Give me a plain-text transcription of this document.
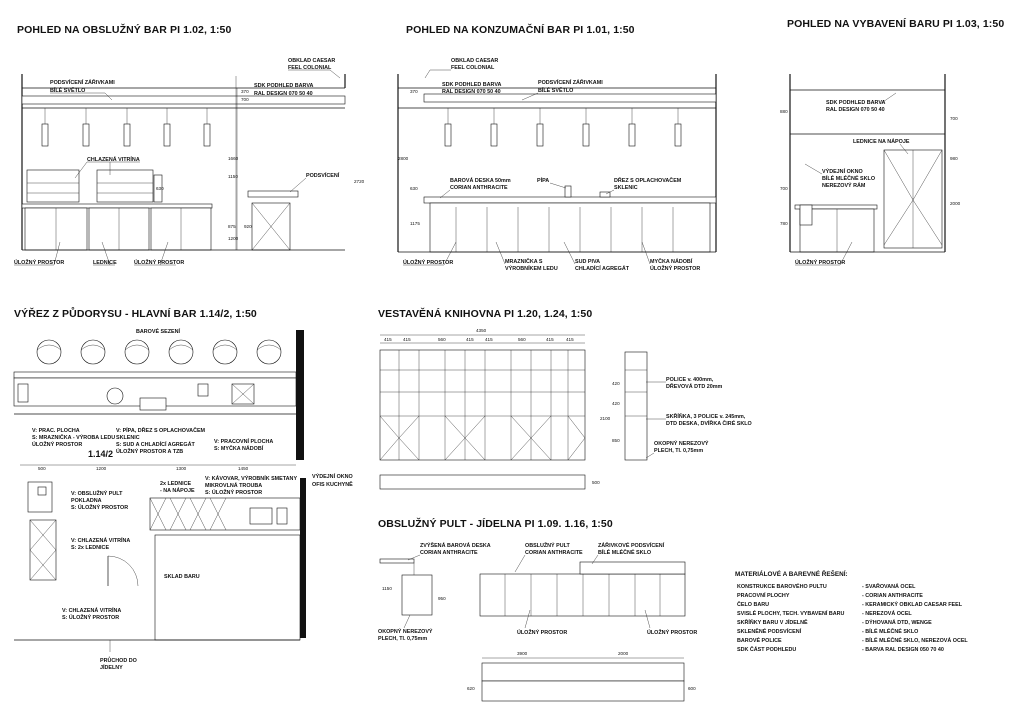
POHLED NA OBSLUŽNÝ BAR PI 1.02, 1:50	POHLED NA KONZUMAČNÍ BAR PI 1.01, 1:50	POHLED NA VYBAVENÍ BARU PI 1.03, 1:50
VÝŘEZ Z PŮDORYSU - HLAVNÍ BAR 1.14/2, 1:50	VESTAVĚNÁ KNIHOVNA PI 1.20, 1.24, 1:50
OBSLUŽNÝ PULT - JÍDELNA PI 1.09. 1.16, 1:50
370
700
1660
1150
630
2720
875 920
1200
OBKLAD CAESAR
FEEL COLONIAL
PODSVÍCENÍ ZÁŘIVKAMI
BÍLÉ SVĚTLO
SDK PODHLED BARVA
RAL DESIGN 070 50 40
CHLAZENÁ VITRÍNA
PODSVÍCENÍ
ÚLOŽNÝ PROSTOR	LEDNICE	ÚLOŽNÝ PROSTOR
370
2800
630
1175
OBKLAD CAESAR
FEEL COLONIAL
SDK PODHLED BARVA
RAL DESIGN 070 50 40
PODSVÍCENÍ ZÁŘIVKAMI
BÍLÉ SVĚTLO
BAROVÁ DESKA 50mm
CORIAN ANTHRACITE
PÍPA	DŘEZ S OPLACHOVAČEM
SKLENIC
ÚLOŽNÝ PROSTOR	MRAZNIČKA S
VÝROBNÍKEM LEDU
SUD PIVA
CHLADÍCÍ AGREGÁT
MYČKA NÁDOBÍ
ÚLOŽNÝ PROSTOR
880
700
980
2000
700
780
SDK PODHLED BARVA
RAL DESIGN 070 50 40
LEDNICE NA NÁPOJE
VÝDEJNÍ OKNO
BÍLÉ MLÉČNÉ SKLO
NEREZOVÝ RÁM
ÚLOŽNÝ PROSTOR
BAROVÉ SEZENÍ
V: PRAC. PLOCHA
S: MRAZNIČKA - VÝROBA LEDU
ÚLOŽNÝ PROSTOR
V: PÍPA, DŘEZ S OPLACHOVAČEM
SKLENIC
S: SUD A CHLADÍCÍ AGREGÁT
ÚLOŽNÝ PROSTOR A TZB
V: PRACOVNÍ PLOCHA
S: MYČKA NÁDOBÍ
1.14/2
500	1200	1300	1450
VÝDEJNÍ OKNO
OFIS KUCHYNĚ
2x LEDNICE
- NA NÁPOJE
V: KÁVOVAR, VÝROBNÍK SMETANY
MIKROVLNÁ TROUBA
S: ÚLOŽNÝ PROSTOR
V: OBSLUŽNÝ PULT
POKLADNA
S: ÚLOŽNÝ PROSTOR
V: CHLAZENÁ VITRÍNA
S: 2x LEDNICE
SKLAD BARU
V: CHLAZENÁ VITRÍNA
S: ÚLOŽNÝ PROSTOR
PRŮCHOD DO
JÍDELNY
4350
415 415	560	415 415	560	415	415
420
420
2100
850
500
POLICE v. 400mm,
DŘEVOVÁ DTD 20mm
SKŘÍŇKA, 3 POLICE v. 245mm,
DTD DESKA, DVÍŘKA ČIRÉ SKLO
OKOPNÝ NEREZOVÝ
PLECH, Tl. 0,75mm
1150
950
ZVÝŠENÁ BAROVÁ DESKA
CORIAN ANTHRACITE
OBSLUŽNÝ PULT
CORIAN ANTHRACITE
ZÁŘIVKOVÉ PODSVÍCENÍ
BÍLÉ MLÉČNÉ SKLO
OKOPNÝ NEREZOVÝ
PLECH, Tl. 0,75mm
ÚLOŽNÝ PROSTOR	ÚLOŽNÝ PROSTOR
3900	2000
620	600
MATERIÁLOVÉ A BAREVNÉ ŘEŠENÍ:
KONSTRUKCE BAROVÉHO PULTU	- SVAŘOVANÁ OCEL
PRACOVNÍ PLOCHY	- CORIAN ANTHRACITE
ČELO BARU	- KERAMICKÝ OBKLAD CAESAR FEEL
SVISLÉ PLOCHY, TECH. VYBAVENÍ BARU	- NEREZOVÁ OCEL
SKŘÍŇKY BARU V JÍDELNĚ	- DÝHOVANÁ DTD, WENGE
SKLENĚNÉ PODSVÍCENÍ	- BÍLÉ MLÉČNÉ SKLO
BAROVÉ POLICE	- BÍLÉ MLÉČNÉ SKLO, NEREZOVÁ OCEL
SDK ČÁST PODHLEDU	- BARVA RAL DESIGN 050 70 40
